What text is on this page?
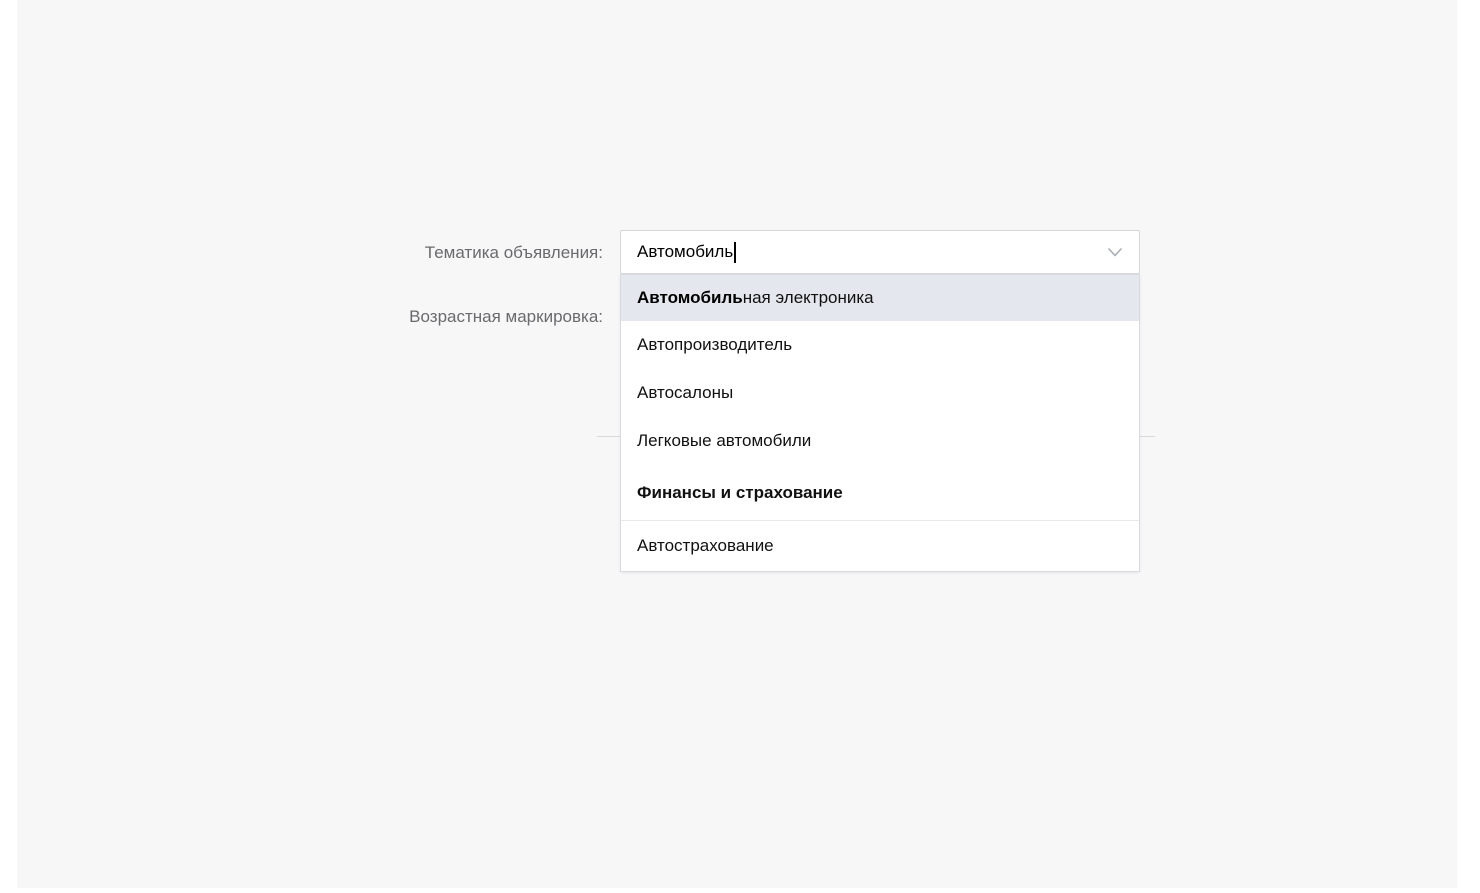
Тематика объявления:
Возрастная маркировка:
Автомобиль
Автомобильная электроника
Автопроизводитель
Автосалоны
Легковые автомобили
Финансы и страхование
Автострахование
